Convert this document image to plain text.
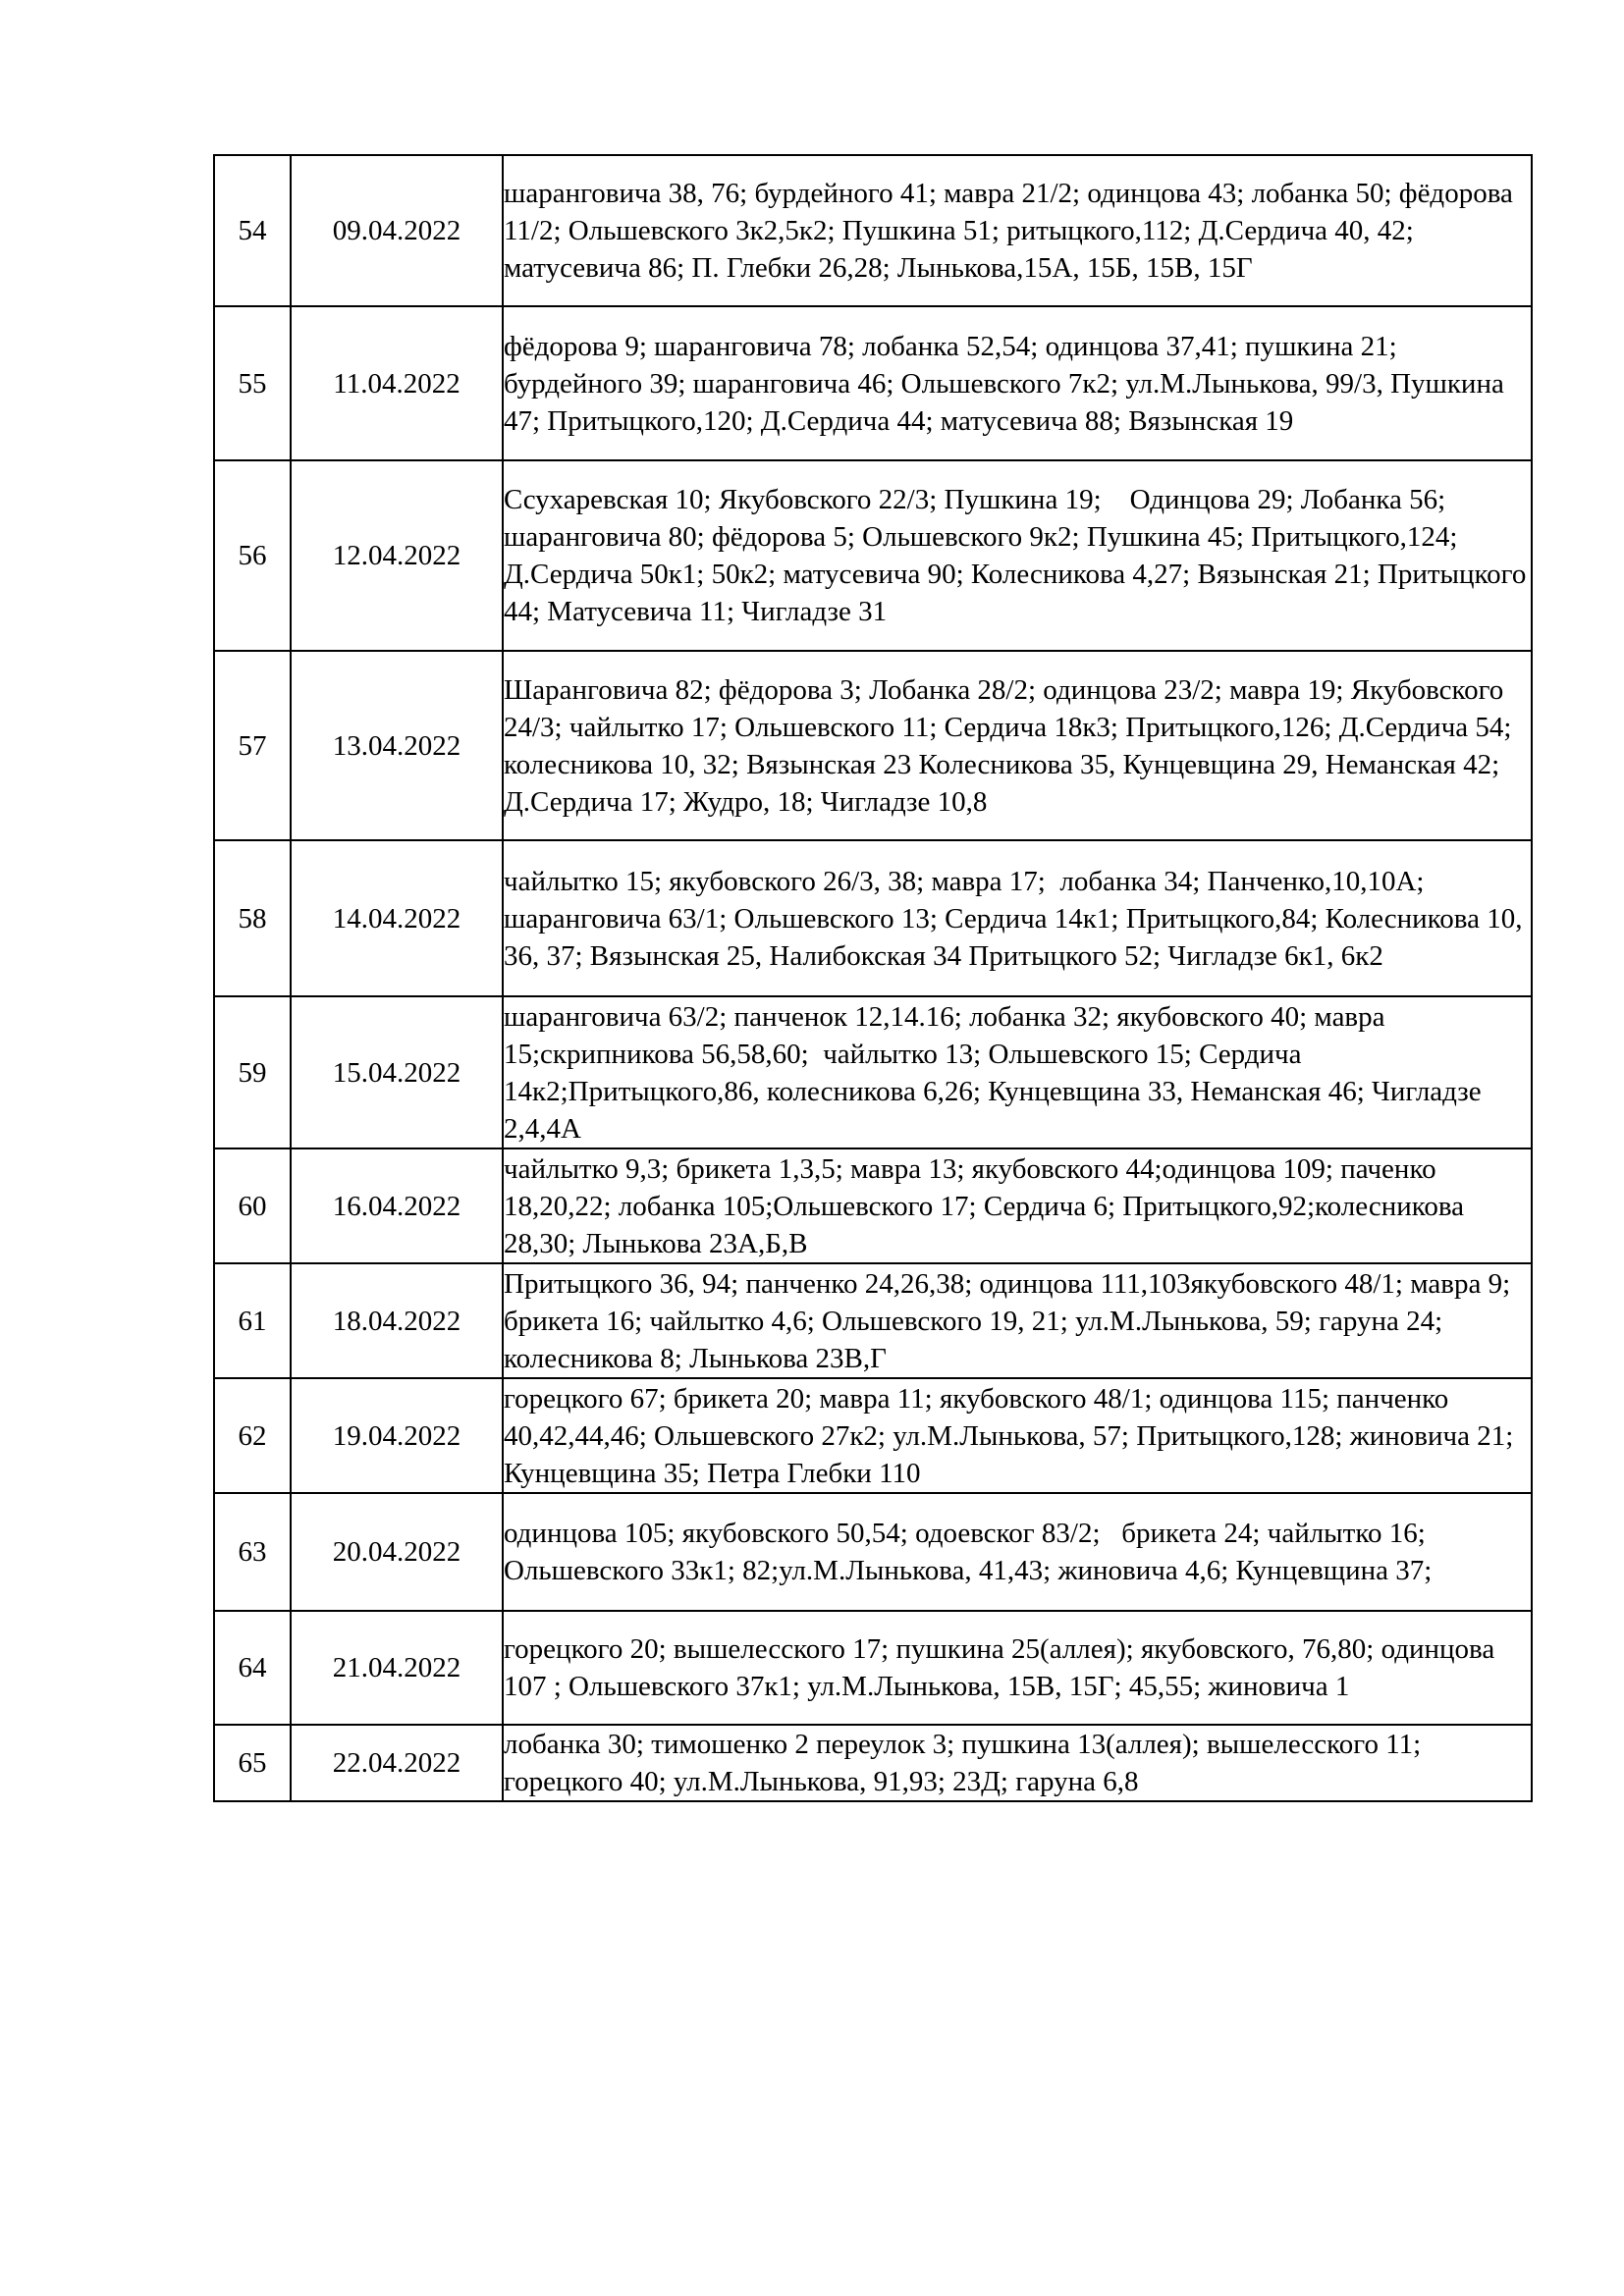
54	09.04.2022	шаранговича 38, 76; бурдейного 41; мавра 21/2; одинцова 43; лобанка 50; фёдорова 11/2; Ольшевского 3к2,5к2; Пушкина 51; ритыцкого,112; Д.Сердича 40, 42; матусевича 86; П. Глебки 26,28; Лынькова,15А, 15Б, 15В, 15Г
55	11.04.2022	фёдорова 9; шаранговича 78; лобанка 52,54; одинцова 37,41; пушкина 21; бурдейного 39; шаранговича 46; Ольшевского 7к2; ул.М.Лынькова, 99/3, Пушкина 47; Притыцкого,120; Д.Сердича 44; матусевича 88; Вязынская 19
56	12.04.2022	Ссухаревская 10; Якубовского 22/3; Пушкина 19;    Одинцова 29; Лобанка 56; шаранговича 80; фёдорова 5; Ольшевского 9к2; Пушкина 45; Притыцкого,124; Д.Сердича 50к1; 50к2; матусевича 90; Колесникова 4,27; Вязынская 21; Притыцкого 44; Матусевича 11; Чигладзе 31
57	13.04.2022	Шаранговича 82; фёдорова 3; Лобанка 28/2; одинцова 23/2; мавра 19; Якубовского 24/3; чайлытко 17; Ольшевского 11; Сердича 18к3; Притыцкого,126; Д.Сердича 54; колесникова 10, 32; Вязынская 23 Колесникова 35, Кунцевщина 29, Неманская 42; Д.Сердича 17; Жудро, 18; Чигладзе 10,8
58	14.04.2022	чайлытко 15; якубовского 26/3, 38; мавра 17;  лобанка 34; Панченко,10,10А; шаранговича 63/1; Ольшевского 13; Сердича 14к1; Притыцкого,84; Колесникова 10, 36, 37; Вязынская 25, Налибокская 34 Притыцкого 52; Чигладзе 6к1, 6к2
59	15.04.2022	шаранговича 63/2; панченок 12,14.16; лобанка 32; якубовского 40; мавра 15;скрипникова 56,58,60;  чайлытко 13; Ольшевского 15; Сердича 14к2;Притыцкого,86, колесникова 6,26; Кунцевщина 33, Неманская 46; Чигладзе 2,4,4А
60	16.04.2022	чайлытко 9,3; брикета 1,3,5; мавра 13; якубовского 44;одинцова 109; паченко 18,20,22; лобанка 105;Ольшевского 17; Сердича 6; Притыцкого,92;колесникова 28,30; Лынькова 23А,Б,В
61	18.04.2022	Притыцкого 36, 94; панченко 24,26,38; одинцова 111,103якубовского 48/1; мавра 9; брикета 16; чайлытко 4,6; Ольшевского 19, 21; ул.М.Лынькова, 59; гаруна 24; колесникова 8; Лынькова 23В,Г
62	19.04.2022	горецкого 67; брикета 20; мавра 11; якубовского 48/1; одинцова 115; панченко 40,42,44,46; Ольшевского 27к2; ул.М.Лынькова, 57; Притыцкого,128; жиновича 21; Кунцевщина 35; Петра Глебки 110
63	20.04.2022	одинцова 105; якубовского 50,54; одоевског 83/2;   брикета 24; чайлытко 16; Ольшевского 33к1; 82;ул.М.Лынькова, 41,43; жиновича 4,6; Кунцевщина 37;
64	21.04.2022	горецкого 20; вышелесского 17; пушкина 25(аллея); якубовского, 76,80; одинцова 107 ; Ольшевского 37к1; ул.М.Лынькова, 15В, 15Г; 45,55; жиновича 1
65	22.04.2022	лобанка 30; тимошенко 2 переулок 3; пушкина 13(аллея); вышелесского 11; горецкого 40; ул.М.Лынькова, 91,93; 23Д; гаруна 6,8
